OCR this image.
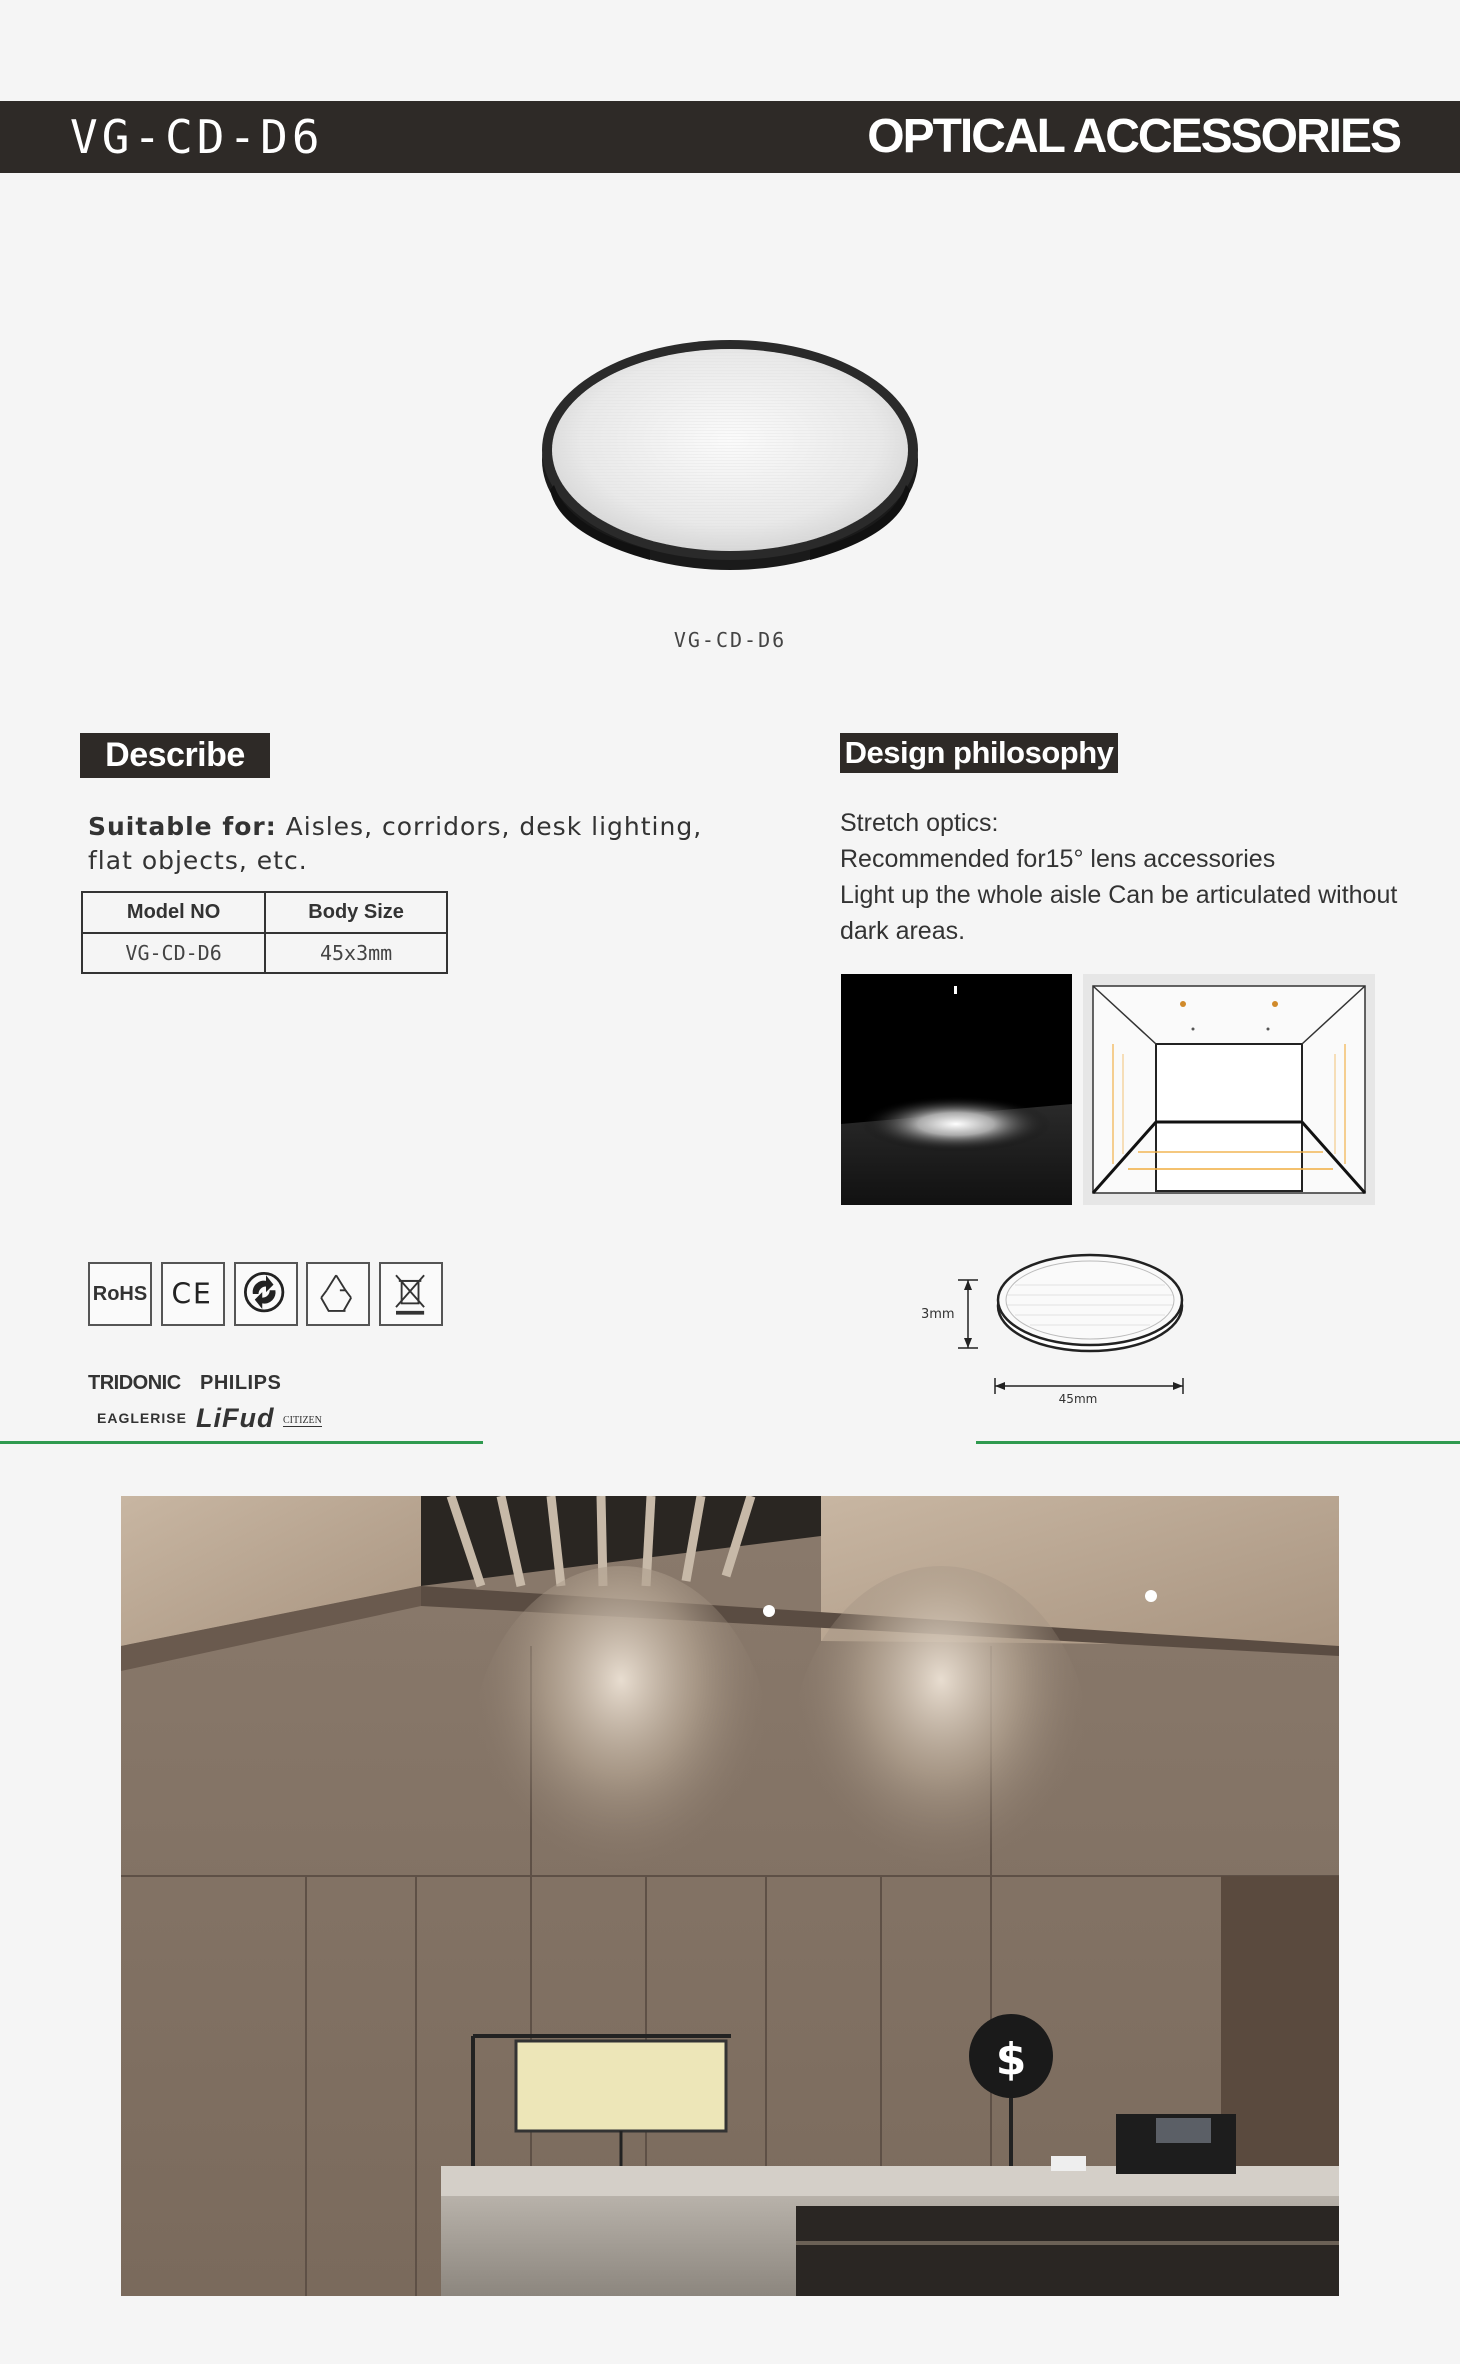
VG-CD-D6	OPTICAL ACCESSORIES
VG-CD-D6
Describe
Suitable for: Aisles, corridors, desk lighting, flat objects, etc.
Model NO	Body Size
VG-CD-D6	45x3mm
Design philosophy
Stretch optics:
Recommended for15° lens accessories
Light up the whole aisle Can be articulated without dark areas.
RoHS CE
TRIDONIC PHILIPS
EAGLERISE LiFud CITIZEN
3mm
45mm
$
